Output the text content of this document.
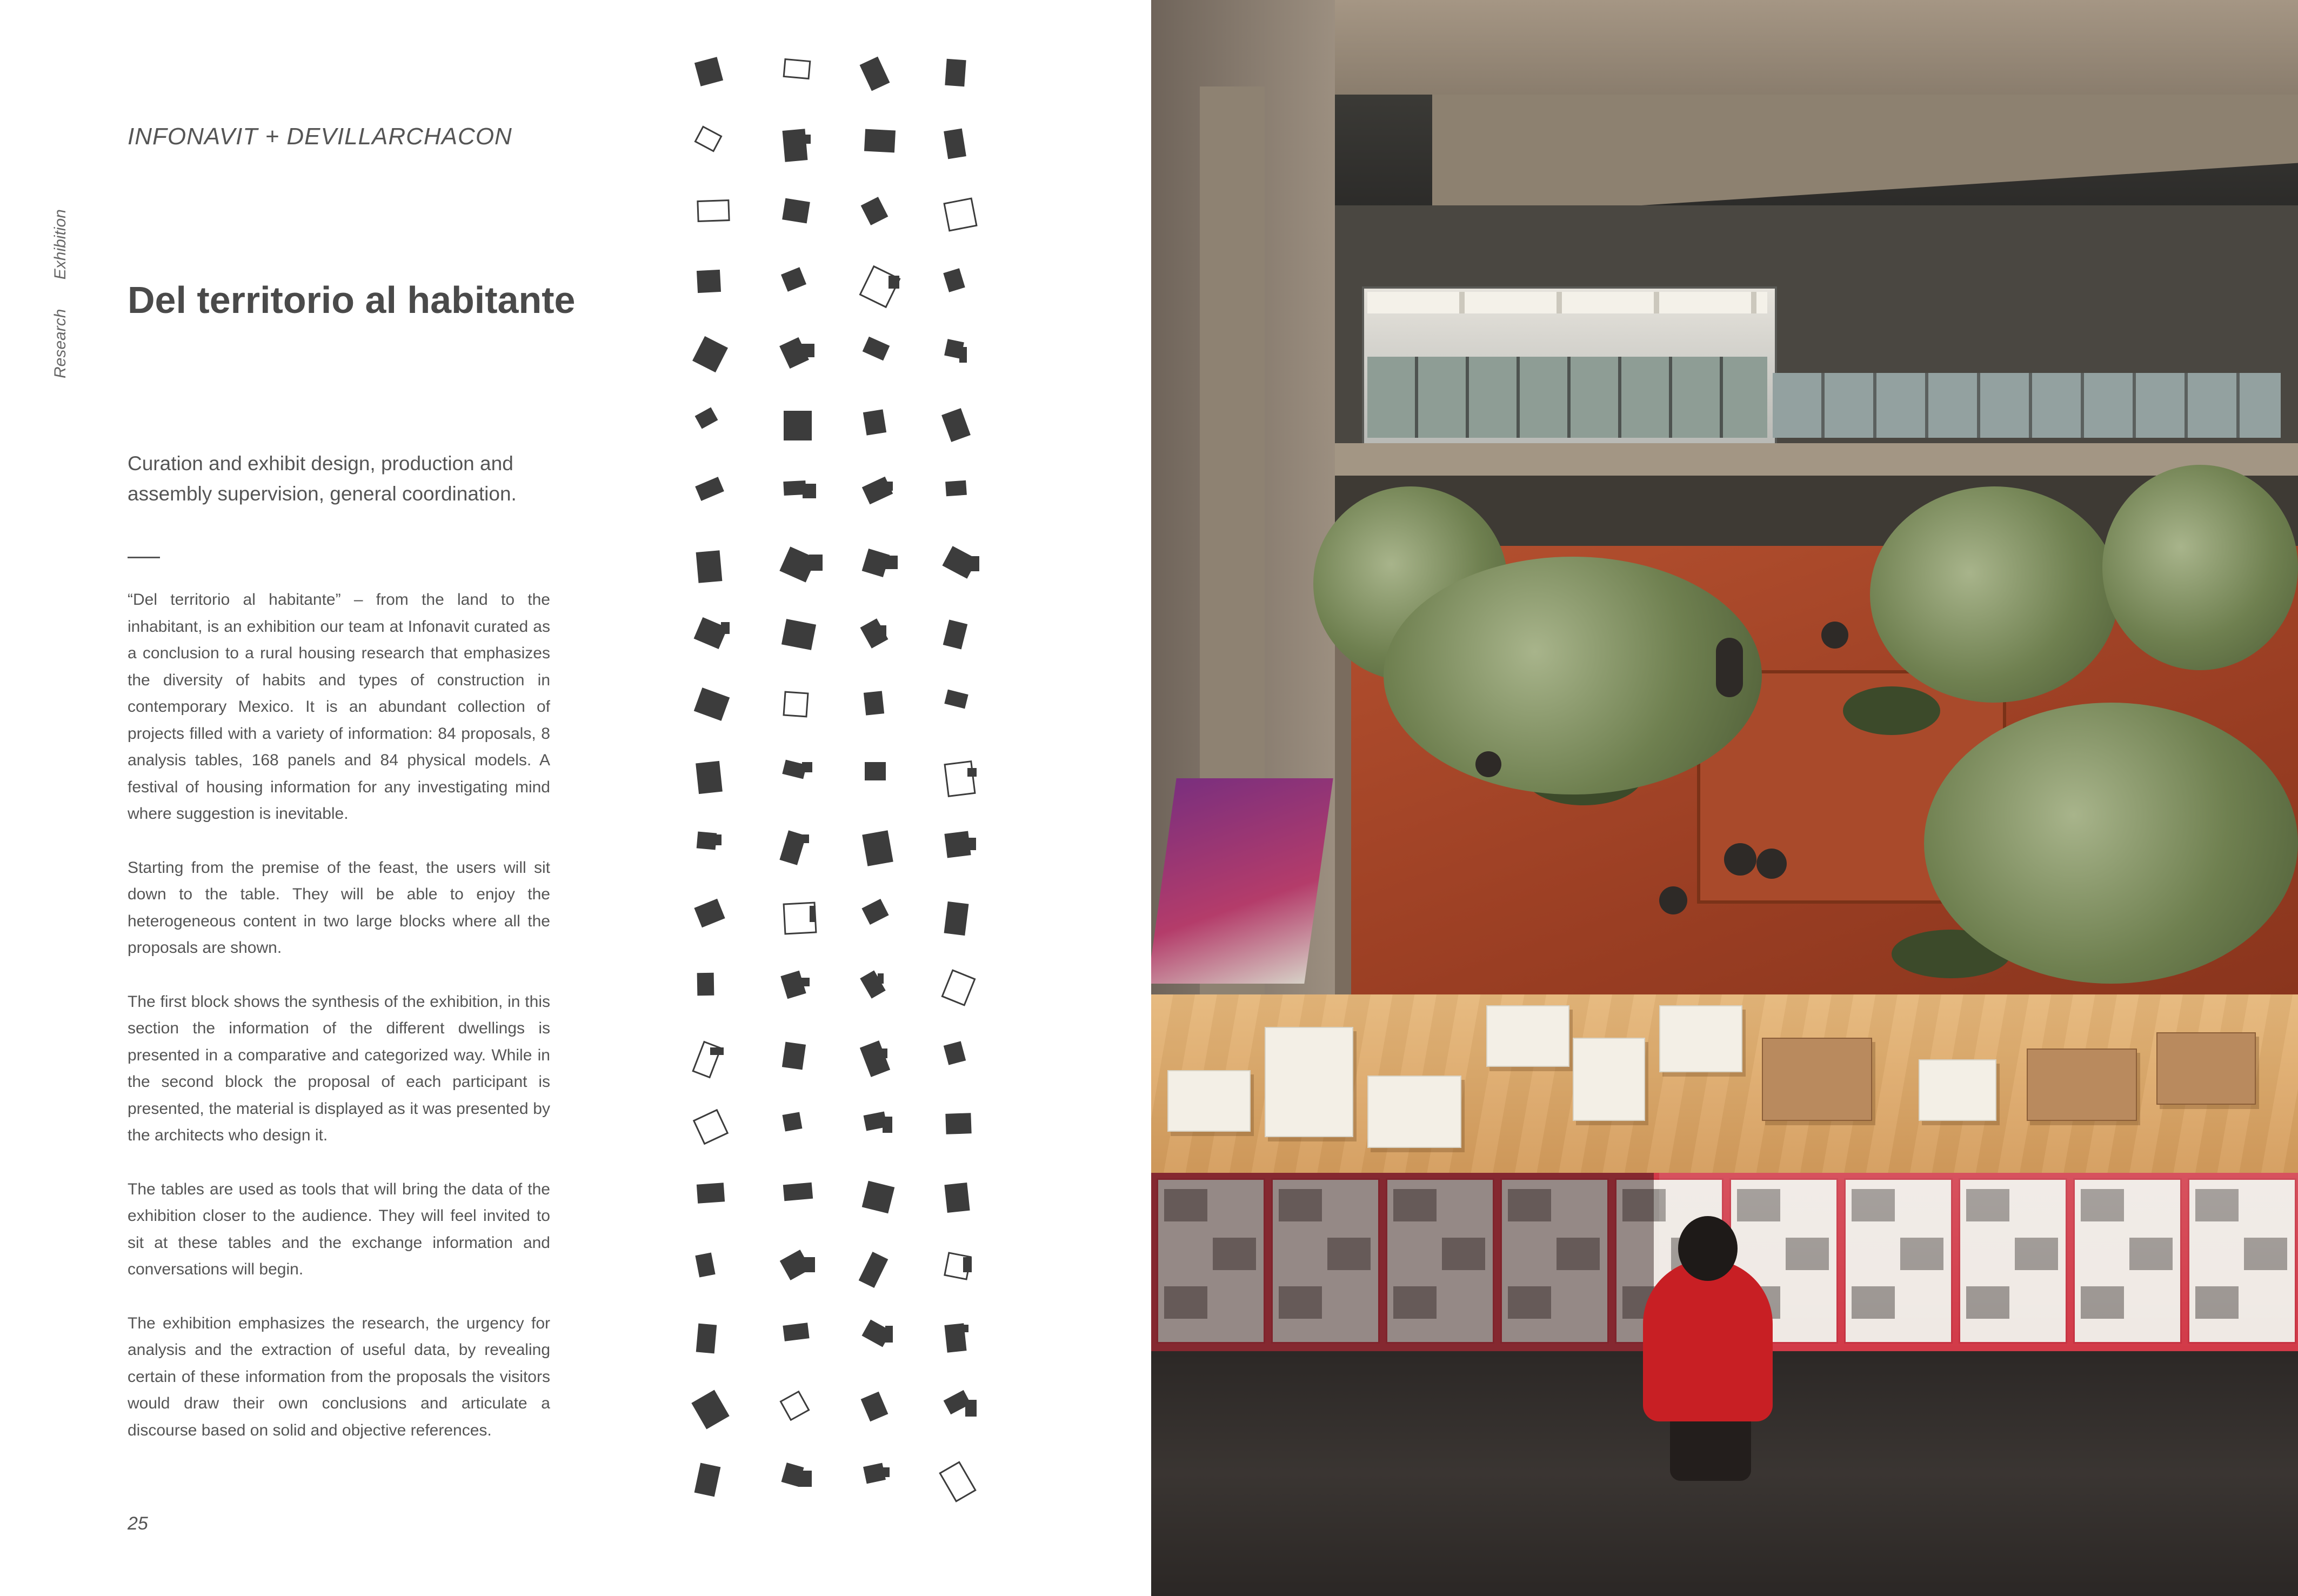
Research Exhibition
INFONAVIT + DEVILLARCHACON
Del territorio al habitante

Curation and exhibit design, production and assembly supervision, general coordination.

“Del territorio al habitante” – from the land to the inhabitant, is an exhibition our team at Infonavit curated as a conclusion to a rural housing research that emphasizes the diversity of habits and types of construction in contemporary Mexico. It is an abundant collection of projects filled with a variety of information: 84 proposals, 8 analysis tables, 168 panels and 84 physical models. A festival of housing information for any investigating mind where suggestion is inevitable.

Starting from the premise of the feast, the users will sit down to the table. They will be able to enjoy the heterogeneous content in two large blocks where all the proposals are shown.

The first block shows the synthesis of the exhibition, in this section the information of the different dwellings is presented in a comparative and categorized way. While in the second block the proposal of each participant is presented, the material is displayed as it was presented by the architects who design it.

The tables are used as tools that will bring the data of the exhibition closer to the audience. They will feel invited to sit at these tables and the exchange information and conversations will begin.

The exhibition emphasizes the research, the urgency for analysis and the extraction of useful data, by revealing certain of these information from the proposals the visitors would draw their own conclusions and articulate a discourse based on solid and objective references.

25
